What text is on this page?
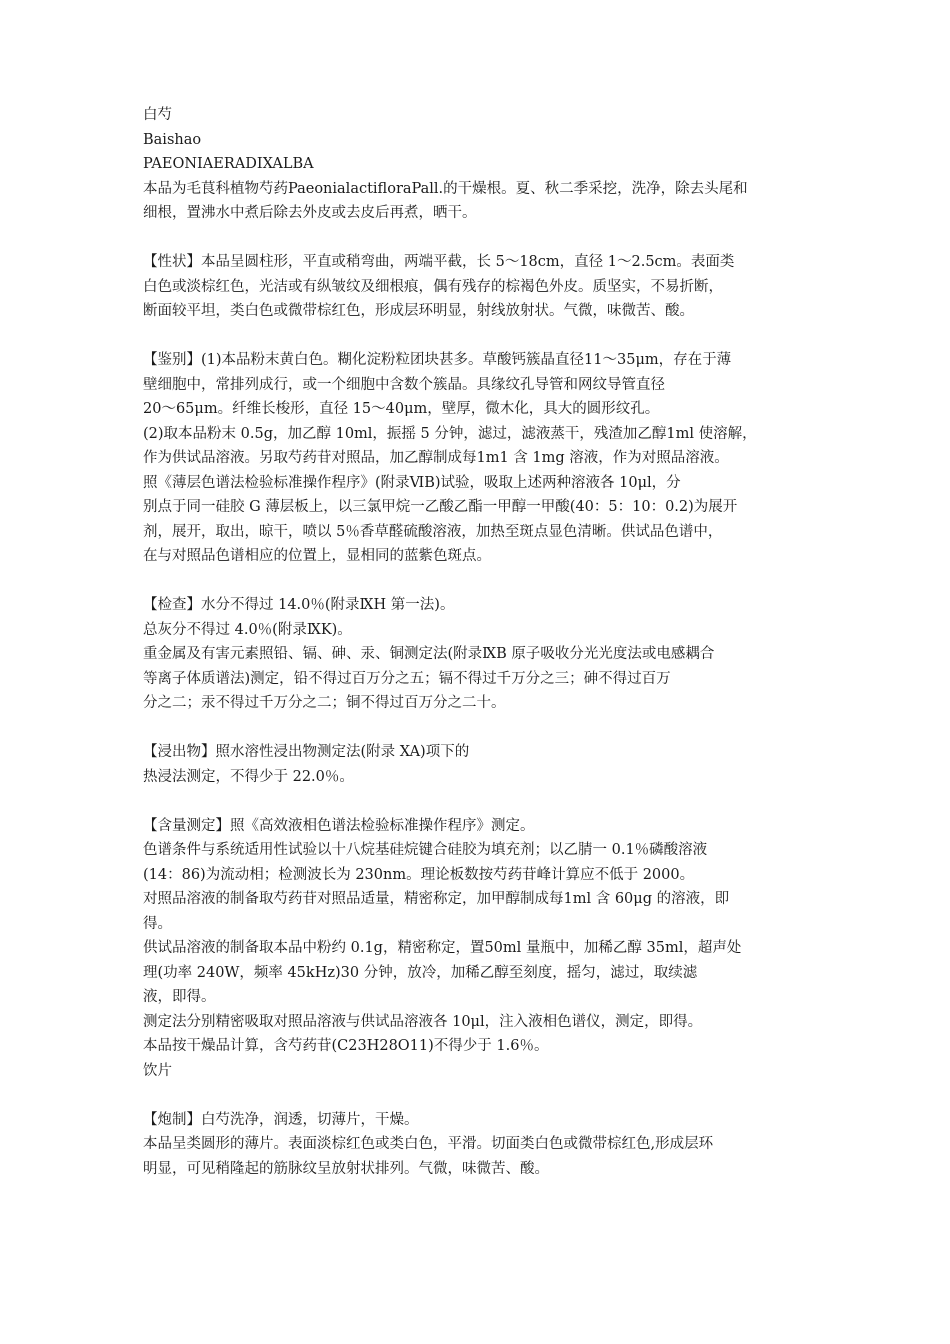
白芍
Baishao
PAEONIAERADIXALBA
本品为毛茛科植物芍药PaeonialactifloraPall.的干燥根。夏、秋二季采挖，洗净，除去头尾和
细根，置沸水中煮后除去外皮或去皮后再煮，晒干。
【性状】本品呈圆柱形，平直或稍弯曲，两端平截，长 5～18cm，直径 1～2.5cm。表面类
白色或淡棕红色，光洁或有纵皱纹及细根痕，偶有残存的棕褐色外皮。质坚实，不易折断，
断面较平坦，类白色或微带棕红色，形成层环明显，射线放射状。气微，味微苦、酸。
【鉴别】(1)本品粉末黄白色。糊化淀粉粒团块甚多。草酸钙簇晶直径11～35μm，存在于薄
壁细胞中，常排列成行，或一个细胞中含数个簇晶。具缘纹孔导管和网纹导管直径
20～65μm。纤维长梭形，直径 15～40μm，壁厚，微木化，具大的圆形纹孔。
(2)取本品粉末 0.5g，加乙醇 10ml，振摇 5 分钟，滤过，滤液蒸干，残渣加乙醇1ml 使溶解，
作为供试品溶液。另取芍药苷对照品，加乙醇制成每1m1 含 1mg 溶液，作为对照品溶液。
照《薄层色谱法检验标准操作程序》(附录ⅥB)试验，吸取上述两种溶液各 10μl，分
别点于同一硅胶 G 薄层板上，以三氯甲烷一乙酸乙酯一甲醇一甲酸(40：5：10：0.2)为展开
剂，展开，取出，晾干，喷以 5％香草醛硫酸溶液，加热至斑点显色清晰。供试品色谱中，
在与对照品色谱相应的位置上，显相同的蓝紫色斑点。
【检查】水分不得过 14.0％(附录ⅨH 第一法)。
总灰分不得过 4.0％(附录ⅨK)。
重金属及有害元素照铅、镉、砷、汞、铜测定法(附录ⅨB 原子吸收分光光度法或电感耦合
等离子体质谱法)测定，铅不得过百万分之五；镉不得过千万分之三；砷不得过百万
分之二；汞不得过千万分之二；铜不得过百万分之二十。
【浸出物】照水溶性浸出物测定法(附录 XA)项下的
热浸法测定，不得少于 22.0％。
【含量测定】照《高效液相色谱法检验标准操作程序》测定。
色谱条件与系统适用性试验以十八烷基硅烷键合硅胶为填充剂；以乙腈一 0.1％磷酸溶液
(14：86)为流动相；检测波长为 230nm。理论板数按芍药苷峰计算应不低于 2000。
对照品溶液的制备取芍药苷对照品适量，精密称定，加甲醇制成每1ml 含 60μg 的溶液，即
得。
供试品溶液的制备取本品中粉约 0.1g，精密称定，置50ml 量瓶中，加稀乙醇 35ml，超声处
理(功率 240W，频率 45kHz)30 分钟，放冷，加稀乙醇至刻度，摇匀，滤过，取续滤
液，即得。
测定法分别精密吸取对照品溶液与供试品溶液各 10μl，注入液相色谱仪，测定，即得。
本品按干燥品计算，含芍药苷(C23H28O11)不得少于 1.6％。
饮片
【炮制】白芍洗净，润透，切薄片，干燥。
本品呈类圆形的薄片。表面淡棕红色或类白色，平滑。切面类白色或微带棕红色,形成层环
明显，可见稍隆起的筋脉纹呈放射状排列。气微，味微苦、酸。
